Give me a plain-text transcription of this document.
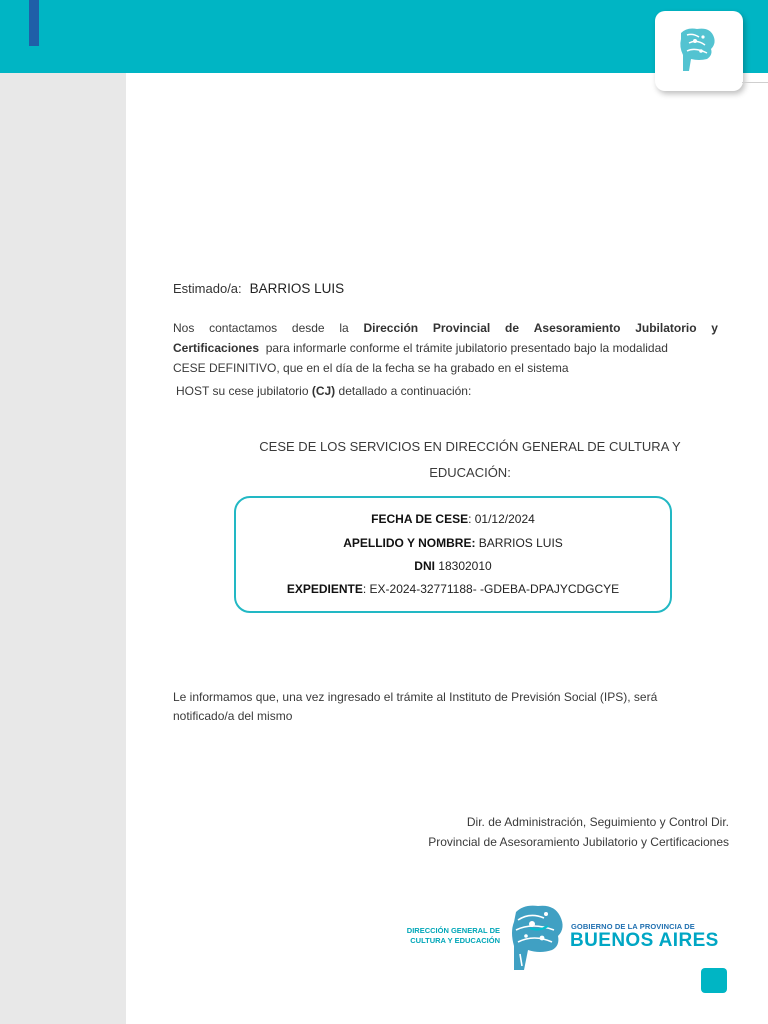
Estimado/a: BARRIOS LUIS
Nos contactamos desde la Dirección Provincial de Asesoramiento Jubilatorio y
Certificaciones para informarle conforme el trámite jubilatorio presentado bajo la modalidad
CESE DEFINITIVO, que en el día de la fecha se ha grabado en el sistema
HOST su cese jubilatorio (CJ) detallado a continuación:
CESE DE LOS SERVICIOS EN DIRECCIÓN GENERAL DE CULTURA Y
EDUCACIÓN:
FECHA DE CESE: 01/12/2024
APELLIDO Y NOMBRE: BARRIOS LUIS
DNI 18302010
EXPEDIENTE: EX-2024-32771188- -GDEBA-DPAJYCDGCYE
Le informamos que, una vez ingresado el trámite al Instituto de Previsión Social (IPS), será
notificado/a del mismo
Dir. de Administración, Seguimiento y Control Dir.
Provincial de Asesoramiento Jubilatorio y Certificaciones
DIRECCIÓN GENERAL DE
CULTURA Y EDUCACIÓN
GOBIERNO DE LA PROVINCIA DE
BUENOS AIRES
